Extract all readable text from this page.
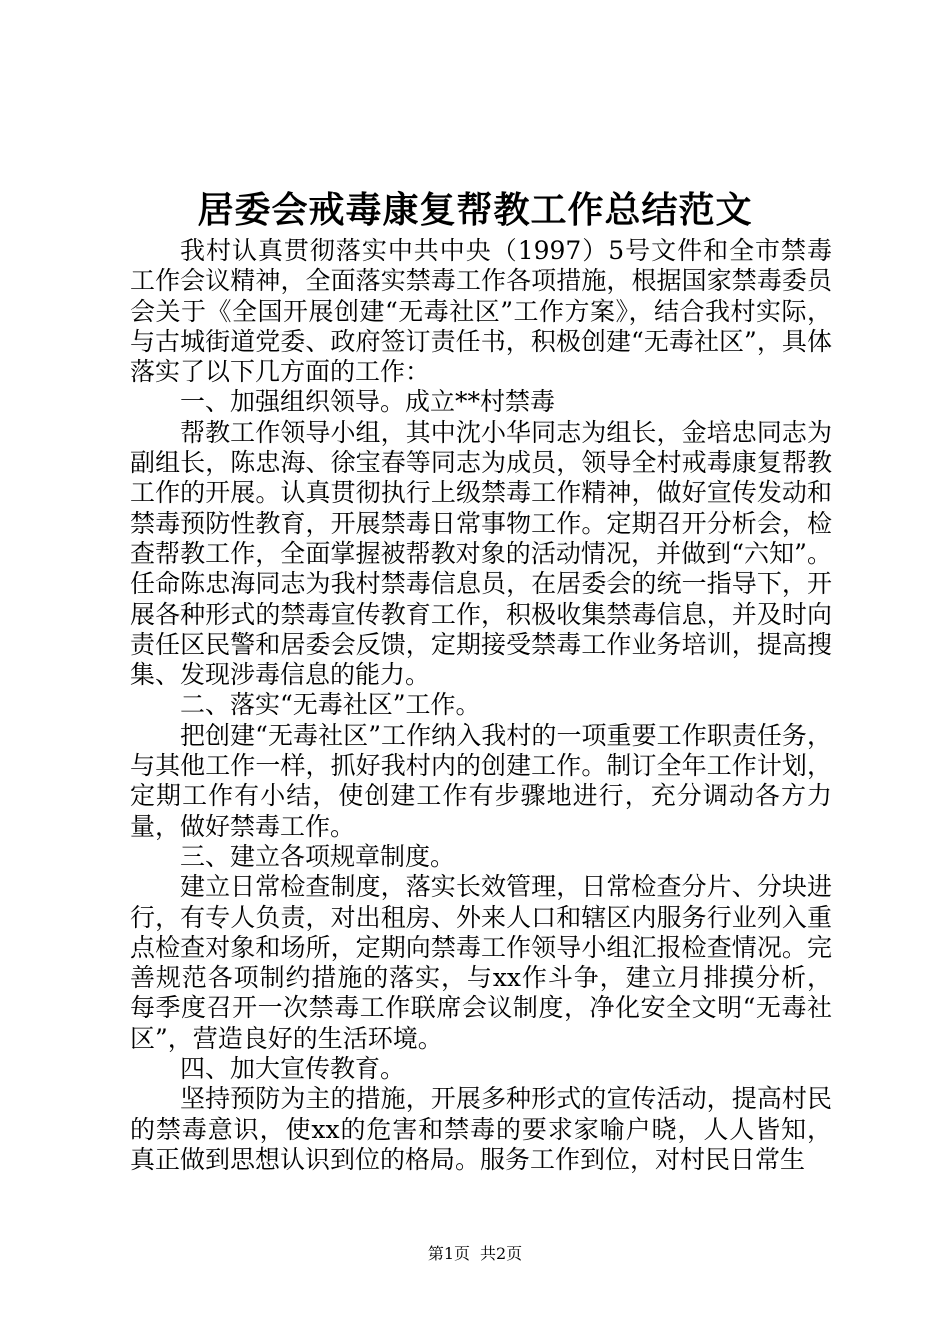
居委会戒毒康复帮教工作总结范文

我村认真贯彻落实中共中央（1997）5号文件和全市禁毒工作会议精神，全面落实禁毒工作各项措施，根据国家禁毒委员会关于《全国开展创建“无毒社区”工作方案》，结合我村实际，与古城街道党委、政府签订责任书，积极创建“无毒社区”，具体落实了以下几方面的工作：

一、加强组织领导。成立**村禁毒

帮教工作领导小组，其中沈小华同志为组长，金培忠同志为副组长，陈忠海、徐宝春等同志为成员，领导全村戒毒康复帮教工作的开展。认真贯彻执行上级禁毒工作精神，做好宣传发动和禁毒预防性教育，开展禁毒日常事物工作。定期召开分析会，检查帮教工作，全面掌握被帮教对象的活动情况，并做到“六知”。任命陈忠海同志为我村禁毒信息员，在居委会的统一指导下，开展各种形式的禁毒宣传教育工作，积极收集禁毒信息，并及时向责任区民警和居委会反馈，定期接受禁毒工作业务培训，提高搜集、发现涉毒信息的能力。

二、落实“无毒社区”工作。

把创建“无毒社区”工作纳入我村的一项重要工作职责任务，与其他工作一样，抓好我村内的创建工作。制订全年工作计划，定期工作有小结，使创建工作有步骤地进行，充分调动各方力量，做好禁毒工作。

三、建立各项规章制度。

建立日常检查制度，落实长效管理，日常检查分片、分块进行，有专人负责，对出租房、外来人口和辖区内服务行业列入重点检查对象和场所，定期向禁毒工作领导小组汇报检查情况。完善规范各项制约措施的落实，与xx作斗争，建立月排摸分析，每季度召开一次禁毒工作联席会议制度，净化安全文明“无毒社区”，营造良好的生活环境。

四、加大宣传教育。

坚持预防为主的措施，开展多种形式的宣传活动，提高村民的禁毒意识，使xx的危害和禁毒的要求家喻户晓，人人皆知，真正做到思想认识到位的格局。服务工作到位，对村民日常生

第1页 共2页
